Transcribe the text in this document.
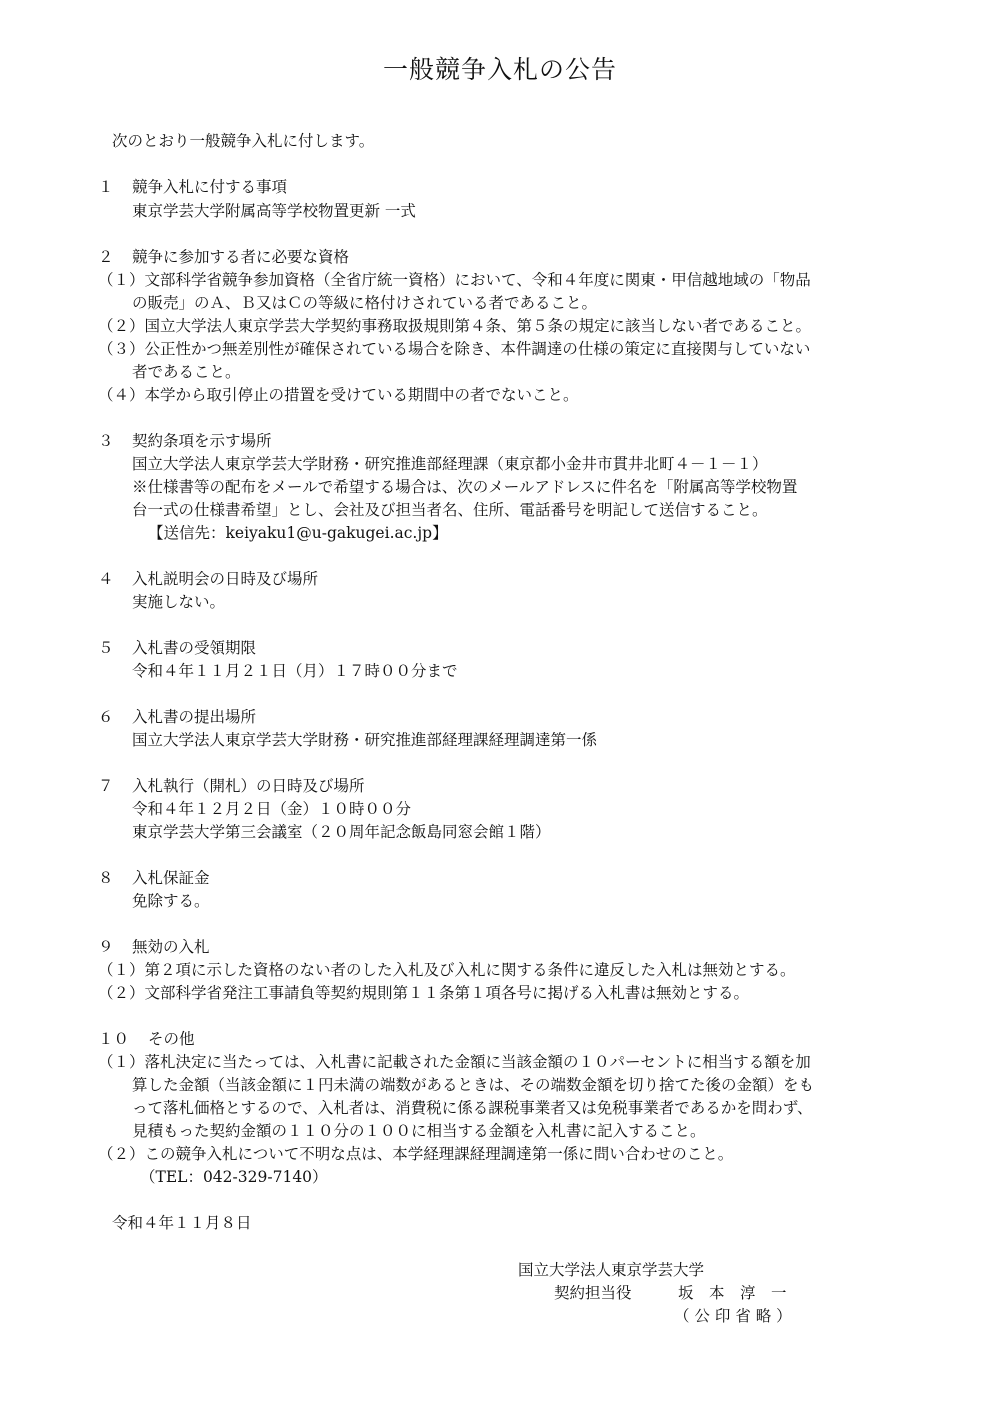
一般競争入札の公告
次のとおり一般競争入札に付します。
１ 競争入札に付する事項
東京学芸大学附属高等学校物置更新 一式
２ 競争に参加する者に必要な資格
（１）文部科学省競争参加資格（全省庁統一資格）において、令和４年度に関東・甲信越地域の「物品
の販売」のＡ、Ｂ又はＣの等級に格付けされている者であること。
（２）国立大学法人東京学芸大学契約事務取扱規則第４条、第５条の規定に該当しない者であること。
（３）公正性かつ無差別性が確保されている場合を除き、本件調達の仕様の策定に直接関与していない
者であること。
（４）本学から取引停止の措置を受けている期間中の者でないこと。
３ 契約条項を示す場所
国立大学法人東京学芸大学財務・研究推進部経理課（東京都小金井市貫井北町４－１－１）
※仕様書等の配布をメールで希望する場合は、次のメールアドレスに件名を「附属高等学校物置
台一式の仕様書希望」とし、会社及び担当者名、住所、電話番号を明記して送信すること。
【送信先：keiyaku1@u-gakugei.ac.jp】
４ 入札説明会の日時及び場所
実施しない。
５ 入札書の受領期限
令和４年１１月２１日（月）１７時００分まで
６ 入札書の提出場所
国立大学法人東京学芸大学財務・研究推進部経理課経理調達第一係
７ 入札執行（開札）の日時及び場所
令和４年１２月２日（金）１０時００分
東京学芸大学第三会議室（２０周年記念飯島同窓会館１階）
８ 入札保証金
免除する。
９ 無効の入札
（１）第２項に示した資格のない者のした入札及び入札に関する条件に違反した入札は無効とする。
（２）文部科学省発注工事請負等契約規則第１１条第１項各号に掲げる入札書は無効とする。
１０ その他
（１）落札決定に当たっては、入札書に記載された金額に当該金額の１０パーセントに相当する額を加
算した金額（当該金額に１円未満の端数があるときは、その端数金額を切り捨てた後の金額）をも
って落札価格とするので、入札者は、消費税に係る課税事業者又は免税事業者であるかを問わず、
見積もった契約金額の１１０分の１００に相当する金額を入札書に記入すること。
（２）この競争入札について不明な点は、本学経理課経理調達第一係に問い合わせのこと。
（TEL：042-329-7140）
令和４年１１月８日
国立大学法人東京学芸大学
契約担当役	坂　本　淳　一
（ 公 印 省 略 ）
